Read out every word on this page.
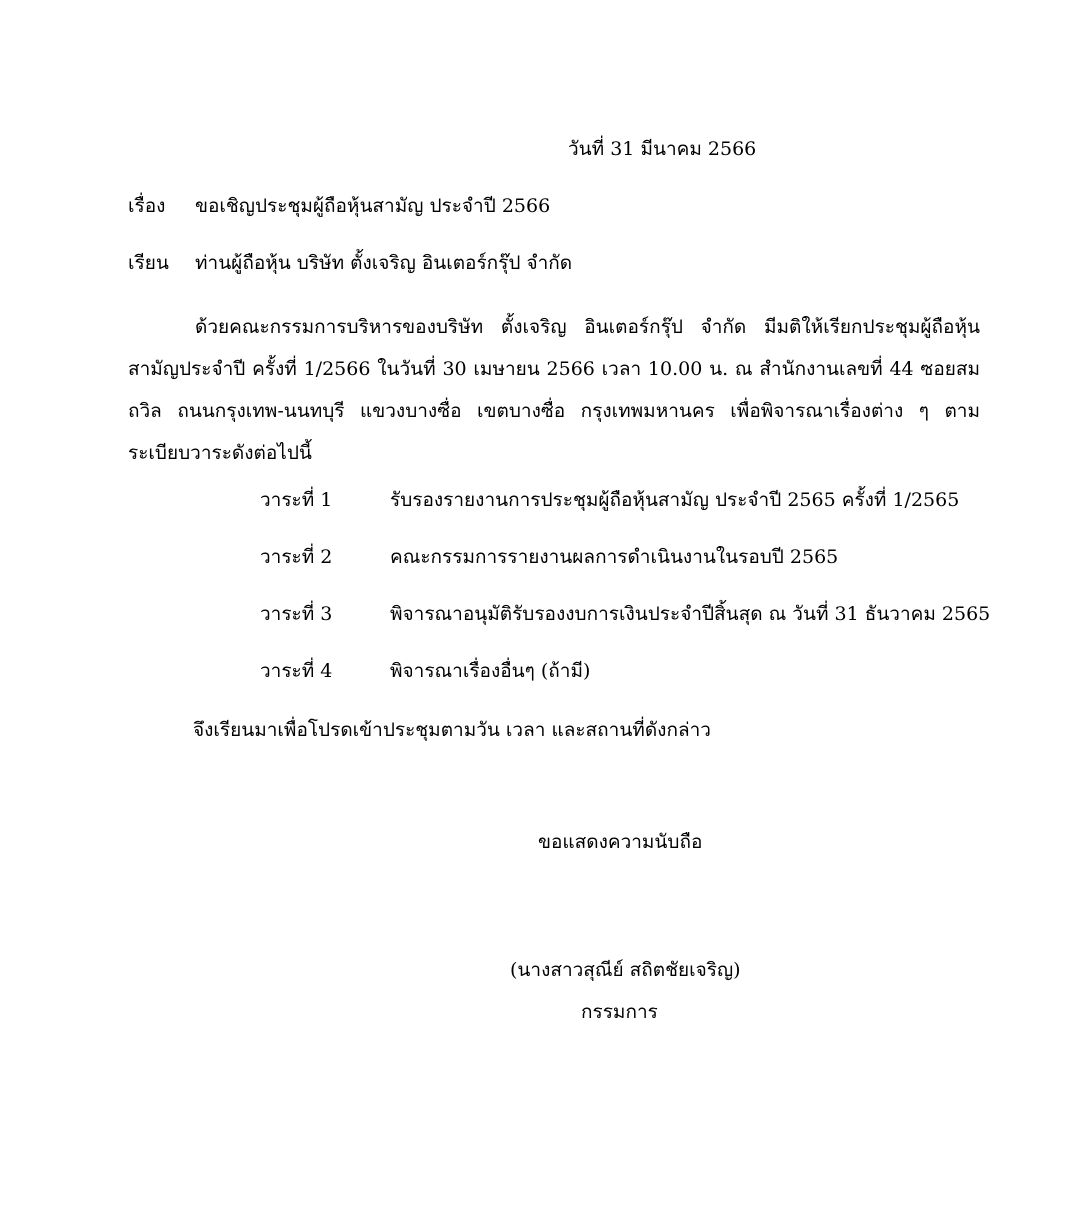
วันที่ 31 มีนาคม 2566
เรื่อง ขอเชิญประชุมผู้ถือหุ้นสามัญ ประจำปี 2566
เรียน ท่านผู้ถือหุ้น บริษัท ตั้งเจริญ อินเตอร์กรุ๊ป จำกัด
ด้วยคณะกรรมการบริหารของบริษัท ตั้งเจริญ อินเตอร์กรุ๊ป จำกัด มีมติให้เรียกประชุมผู้ถือหุ้นสามัญประจำปี ครั้งที่ 1/2566 ในวันที่ 30 เมษายน 2566 เวลา 10.00 น. ณ สำนักงานเลขที่ 44 ซอยสมถวิล ถนนกรุงเทพ-นนทบุรี แขวงบางซื่อ เขตบางซื่อ กรุงเทพมหานคร เพื่อพิจารณาเรื่องต่าง ๆ ตามระเบียบวาระดังต่อไปนี้
วาระที่ 1	รับรองรายงานการประชุมผู้ถือหุ้นสามัญ ประจำปี 2565 ครั้งที่ 1/2565
วาระที่ 2	คณะกรรมการรายงานผลการดำเนินงานในรอบปี 2565
วาระที่ 3	พิจารณาอนุมัติรับรองงบการเงินประจำปีสิ้นสุด ณ วันที่ 31 ธันวาคม 2565
วาระที่ 4	พิจารณาเรื่องอื่นๆ (ถ้ามี)
จึงเรียนมาเพื่อโปรดเข้าประชุมตามวัน เวลา และสถานที่ดังกล่าว
ขอแสดงความนับถือ
(นางสาวสุณีย์ สถิตชัยเจริญ)
กรรมการ
